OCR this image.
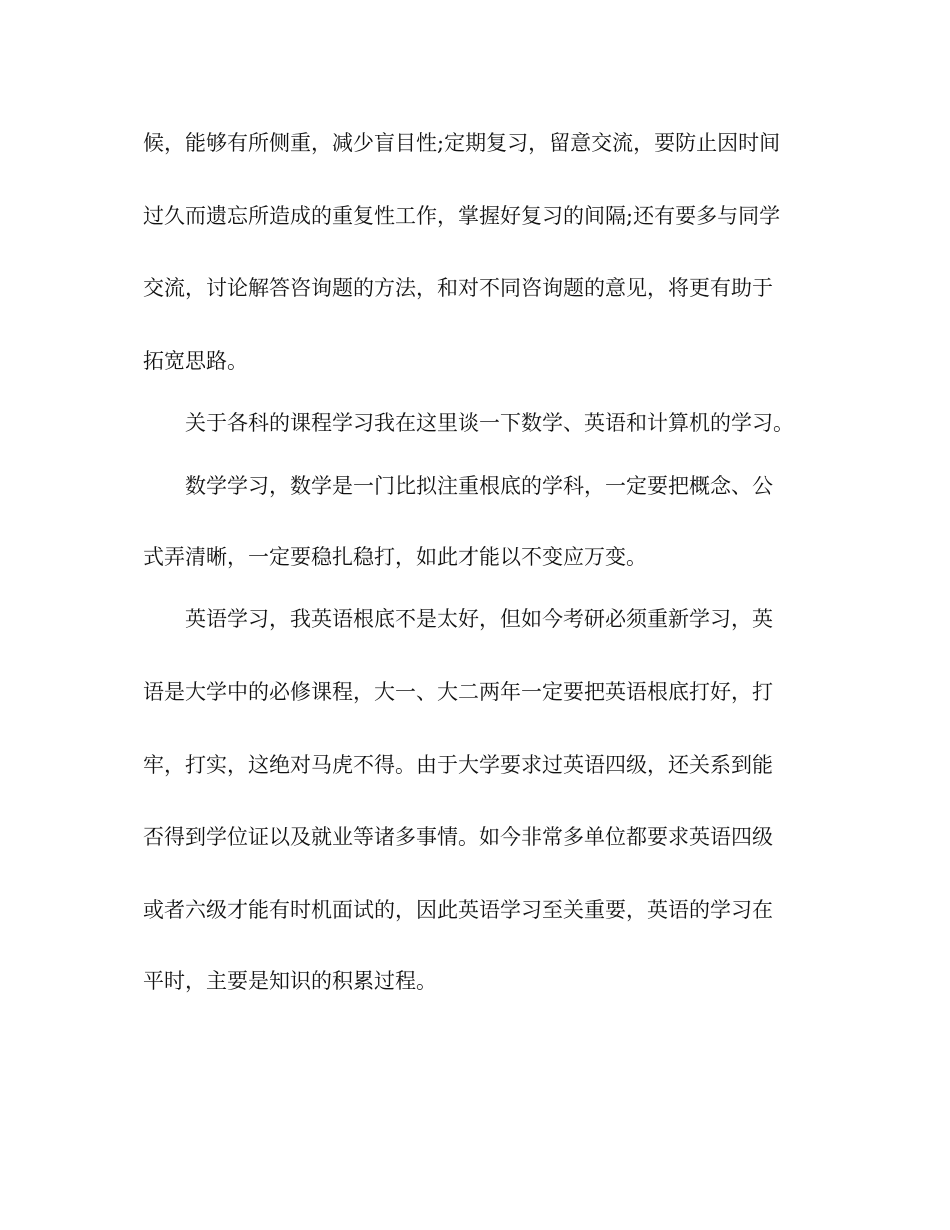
候，能够有所侧重，减少盲目性;定期复习，留意交流，要防止因时间

过久而遗忘所造成的重复性工作，掌握好复习的间隔;还有要多与同学

交流，讨论解答咨询题的方法，和对不同咨询题的意见，将更有助于

拓宽思路。

关于各科的课程学习我在这里谈一下数学、英语和计算机的学习。

数学学习，数学是一门比拟注重根底的学科，一定要把概念、公

式弄清晰，一定要稳扎稳打，如此才能以不变应万变。

英语学习，我英语根底不是太好，但如今考研必须重新学习，英

语是大学中的必修课程，大一、大二两年一定要把英语根底打好，打

牢，打实，这绝对马虎不得。由于大学要求过英语四级，还关系到能

否得到学位证以及就业等诸多事情。如今非常多单位都要求英语四级

或者六级才能有时机面试的，因此英语学习至关重要，英语的学习在

平时，主要是知识的积累过程。
